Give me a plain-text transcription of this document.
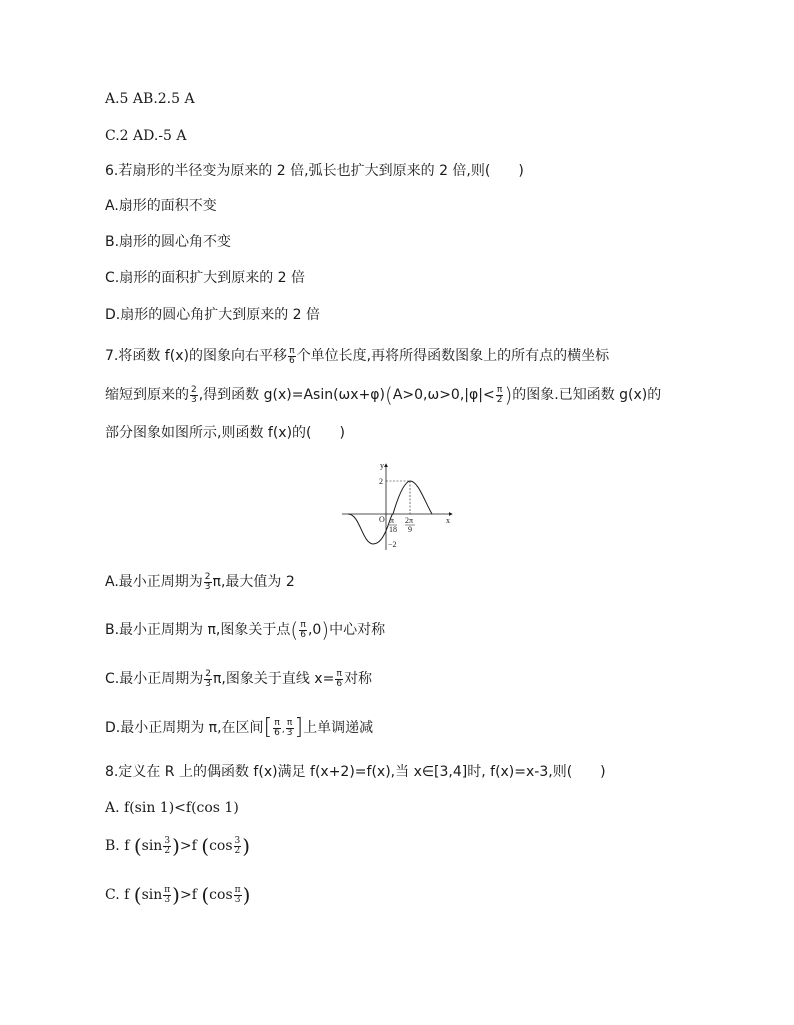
A.5 AB.2.5 A
C.2 AD.-5 A
6.若扇形的半径变为原来的 2 倍,弧长也扩大到原来的 2 倍,则(　　)
A.扇形的面积不变
B.扇形的圆心角不变
C.扇形的面积扩大到原来的 2 倍
D.扇形的圆心角扩大到原来的 2 倍
7.将函数 f(x)的图象向右平移 $\frac{\pi}{6}$ 个单位长度,再将所得函数图象上的所有点的横坐标
缩短到原来的 $\frac{2}{3}$ ,得到函数 $g(x)=Asin(\omega x+\varphi)(A>0,\omega>0,|\varphi|< \frac{\pi}{2}$ )的图象.已知函数 g(x)的
部分图象如图所示,则函数 f(x)的(　　)
y
x
O
2
−2
π
18
2π
9
A.最小正周期为 $\frac{2}{3} \pi$,最大值为 2
B.最小正周期为 π,图象关于点( $\frac{\pi}{6} ,0$)中心对称
C.最小正周期为 $\frac{2}{3} \pi$,图象关于直线 $x= \frac{\pi}{6}$ 对称
D.最小正周期为 π,在区间[ $\frac{\pi}{6}$ , $\frac{\pi}{3}$ ]上单调递减
8.定义在 R 上的偶函数 f(x)满足 f(x+2)=f(x),当 x∈[3,4]时, f(x)=x-3,则(　　)
A. f(sin 1)<f(cos 1)
B. f $(\sin \frac{3}{2} )>f$ ($\cos \frac{3}{2}$ )
C. f $(\sin \frac{\pi}{3} )>f$ ($\cos \frac{\pi}{3}$ )
